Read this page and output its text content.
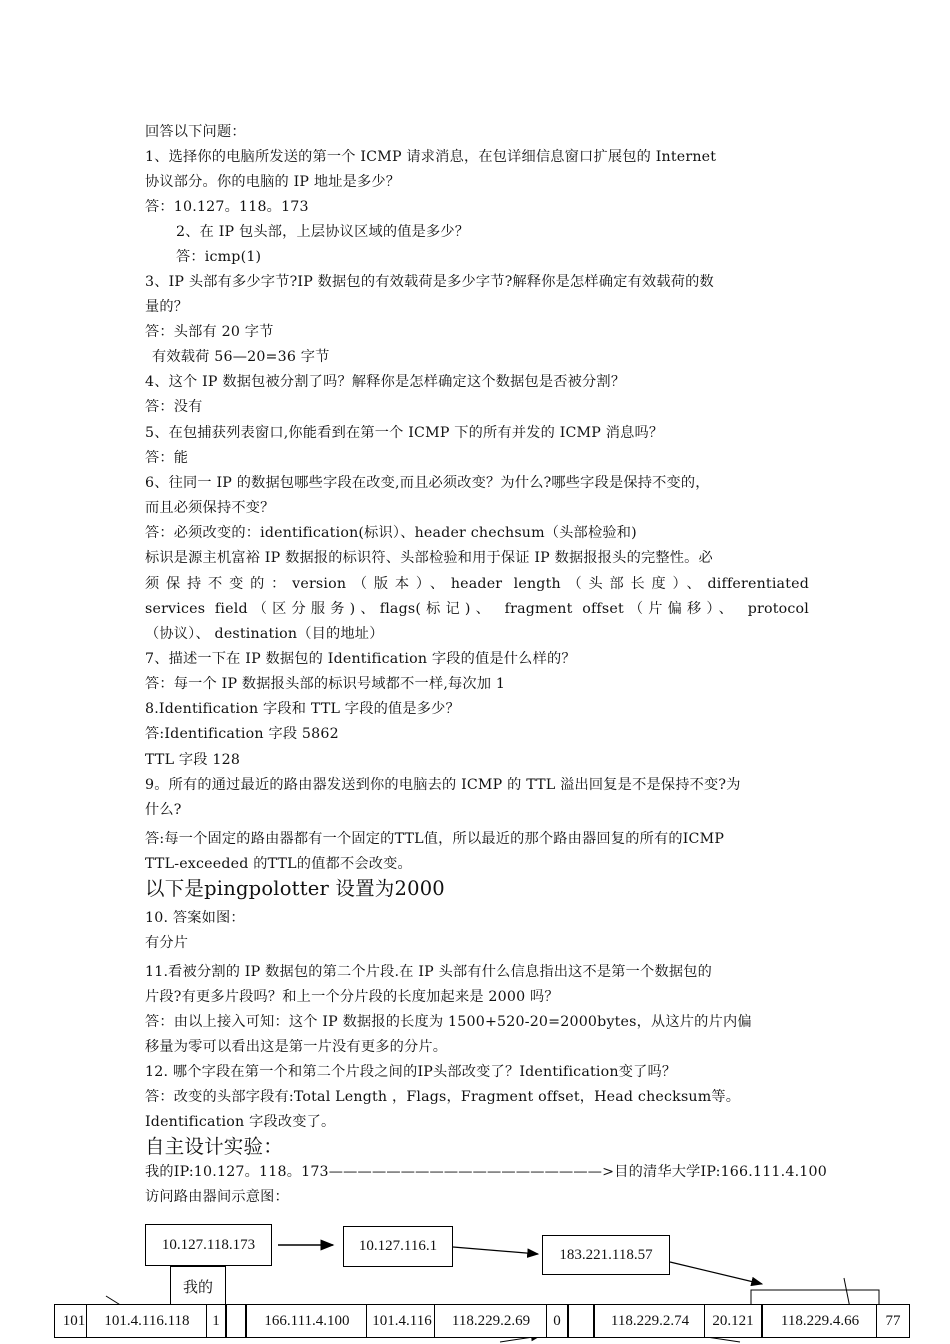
回答以下问题：
1、选择你的电脑所发送的第一个 ICMP 请求消息，在包详细信息窗口扩展包的 Internet
协议部分。你的电脑的 IP 地址是多少？
答：10.127。118。173
2、在 IP 包头部，上层协议区域的值是多少？
答：icmp(1)
3、IP 头部有多少字节?IP 数据包的有效载荷是多少字节?解释你是怎样确定有效载荷的数
量的？
答：头部有 20 字节
有效载荷 56—20=36 字节
4、这个 IP 数据包被分割了吗？解释你是怎样确定这个数据包是否被分割？
答：没有
5、在包捕获列表窗口,你能看到在第一个 ICMP 下的所有并发的 ICMP 消息吗？
答：能
6、往同一 IP 的数据包哪些字段在改变,而且必须改变？为什么?哪些字段是保持不变的，
而且必须保持不变？
答：必须改变的：identification(标识）、header chechsum（头部检验和)
标识是源主机富裕 IP 数据报的标识符、头部检验和用于保证 IP 数据报报头的完整性。必
须保持不变的：version（版本）、header length（头部长度）、differentiated
services field（区分服务)、flags(标记)、 fragment offset（片偏移）、 protocol
（协议）、 destination（目的地址）
7、描述一下在 IP 数据包的 Identification 字段的值是什么样的？
答：每一个 IP 数据报头部的标识号域都不一样,每次加 1
8.Identification 字段和 TTL 字段的值是多少？
答:Identification 字段 5862
TTL 字段 128
9。所有的通过最近的路由器发送到你的电脑去的 ICMP 的 TTL 溢出回复是不是保持不变?为
什么?
答:每一个固定的路由器都有一个固定的TTL值，所以最近的那个路由器回复的所有的ICMP
TTL-exceeded 的TTL的值都不会改变。
以下是pingpolotter 设置为2000
10. 答案如图：
有分片
11.看被分割的 IP 数据包的第二个片段.在 IP 头部有什么信息指出这不是第一个数据包的
片段?有更多片段吗？和上一个分片段的长度加起来是 2000 吗？
答：由以上接入可知：这个 IP 数据报的长度为 1500+520-20=2000bytes，从这片的片内偏
移量为零可以看出这是第一片没有更多的分片。
12. 哪个字段在第一个和第二个片段之间的IP头部改变了？Identification变了吗？
答：改变的头部字段有:Total Length ，Flags，Fragment offset，Head checksum等。
Identification 字段改变了。
自主设计实验：
我的IP:10.127。118。173———————————————————>目的清华大学IP:166.111.4.100
访问路由器间示意图：
10.127.118.173
我的
10.127.116.1
183.221.118.57
101	101.4.116.118	1	166.111.4.100	101.4.116	118.229.2.69	0	118.229.2.74	20.121	118.229.4.66	77
